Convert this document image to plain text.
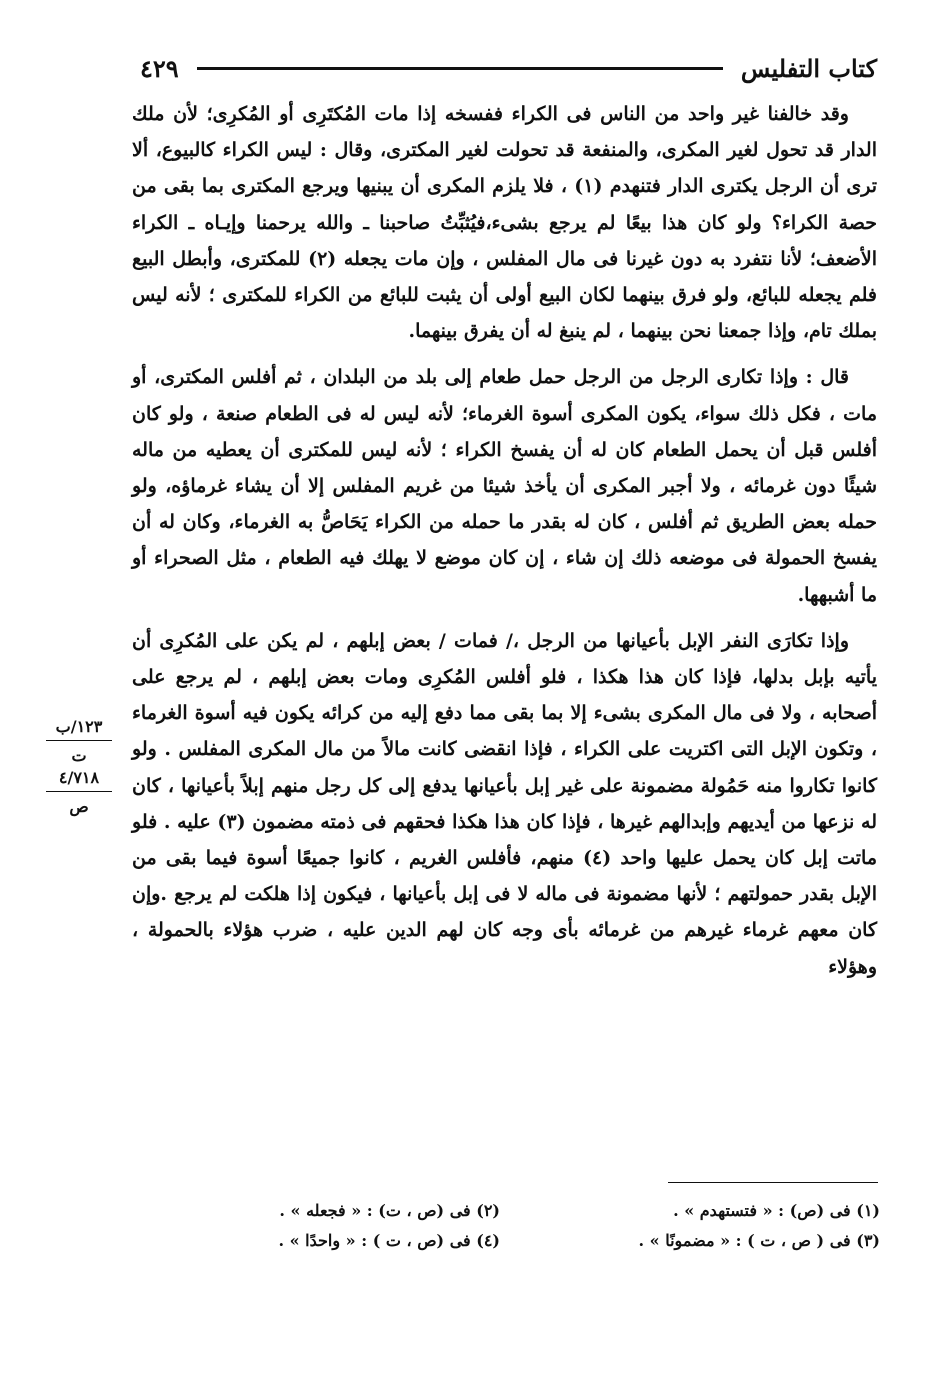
كتاب التفليس
٤٢٩

وقد خالفنا غير واحد من الناس فى الكراء ففسخه إذا مات المُكتَرِى أو المُكرِى؛ لأن ملك الدار قد تحول لغير المكرى، والمنفعة قد تحولت لغير المكترى، وقال : ليس الكراء كالبيوع، ألا ترى أن الرجل يكترى الدار فتنهدم (١) ، فلا يلزم المكرى أن يبنيها ويرجع المكترى بما بقى من حصة الكراء؟ ولو كان هذا بيعًا لم يرجع بشىء،فيُثبِّتُ صاحبنا ـ والله يرحمنا وإيـاه ـ الكراء الأضعف؛ لأنا نتفرد به دون غيرنا فى مال المفلس ، وإن مات يجعله (٢) للمكترى، وأبطل البيع فلم يجعله للبائع، ولو فرق بينهما لكان البيع أولى أن يثبت للبائع من الكراء للمكترى ؛ لأنه ليس بملك تام، وإذا جمعنا نحن بينهما ، لم ينبغ له أن يفرق بينهما.

قال : وإذا تكارى الرجل من الرجل حمل طعام إلى بلد من البلدان ، ثم أفلس المكترى، أو مات ، فكل ذلك سواء، يكون المكرى أسوة الغرماء؛ لأنه ليس له فى الطعام صنعة ، ولو كان أفلس قبل أن يحمل الطعام كان له أن يفسخ الكراء ؛ لأنه ليس للمكترى أن يعطيه من ماله شيئًا دون غرمائه ، ولا أجبر المكرى أن يأخذ شيئا من غريم المفلس إلا أن يشاء غرماؤه، ولو حمله بعض الطريق ثم أفلس ، كان له بقدر ما حمله من الكراء يَحَاصُّ به الغرماء، وكان له أن يفسخ الحمولة فى موضعه ذلك إن شاء ، إن كان موضع لا يهلك فيه الطعام ، مثل الصحراء أو ما أشبهها.

وإذا تكارَى النفر الإبل بأعيانها من الرجل ،/ فمات / بعض إبلهم ، لم يكن على المُكرِى أن يأتيه بإبل بدلها، فإذا كان هذا هكذا ، فلو أفلس المُكرِى ومات بعض إبلهم ، لم يرجع على أصحابه ، ولا فى مال المكرى بشىء إلا بما بقى مما دفع إليه من كرائه يكون فيه أسوة الغرماء ، وتكون الإبل التى اكتريت على الكراء ، فإذا انقضى كانت مالاً من مال المكرى المفلس . ولو كانوا تكاروا منه حَمُولة مضمونة على غير إبل بأعيانها يدفع إلى كل رجل منهم إبلاً بأعيانها ، كان له نزعها من أيديهم وإبدالهم غيرها ، فإذا كان هذا هكذا فحقهم فى ذمته مضمون (٣) عليه . فلو ماتت إبل كان يحمل عليها واحد (٤) منهم، فأفلس الغريم ، كانوا جميعًا أسوة فيما بقى من الإبل بقدر حمولتهم ؛ لأنها مضمونة فى ماله لا فى إبل بأعيانها ، فيكون إذا هلكت لم يرجع .وإن كان معهم غرماء غيرهم من غرمائه بأى وجه كان لهم الدين عليه ، ضرب هؤلاء بالحمولة ، وهؤلاء

١٢٣/ب
ت
٤/٧١٨
ص
(١) فى (ص) : « فتستهدم » .
(٢) فى (ص ، ت) : « فجعله » .
(٣) فى ( ص ، ت ) : « مضمونًا » .
(٤) فى (ص ، ت ) : « واحدًا » .
